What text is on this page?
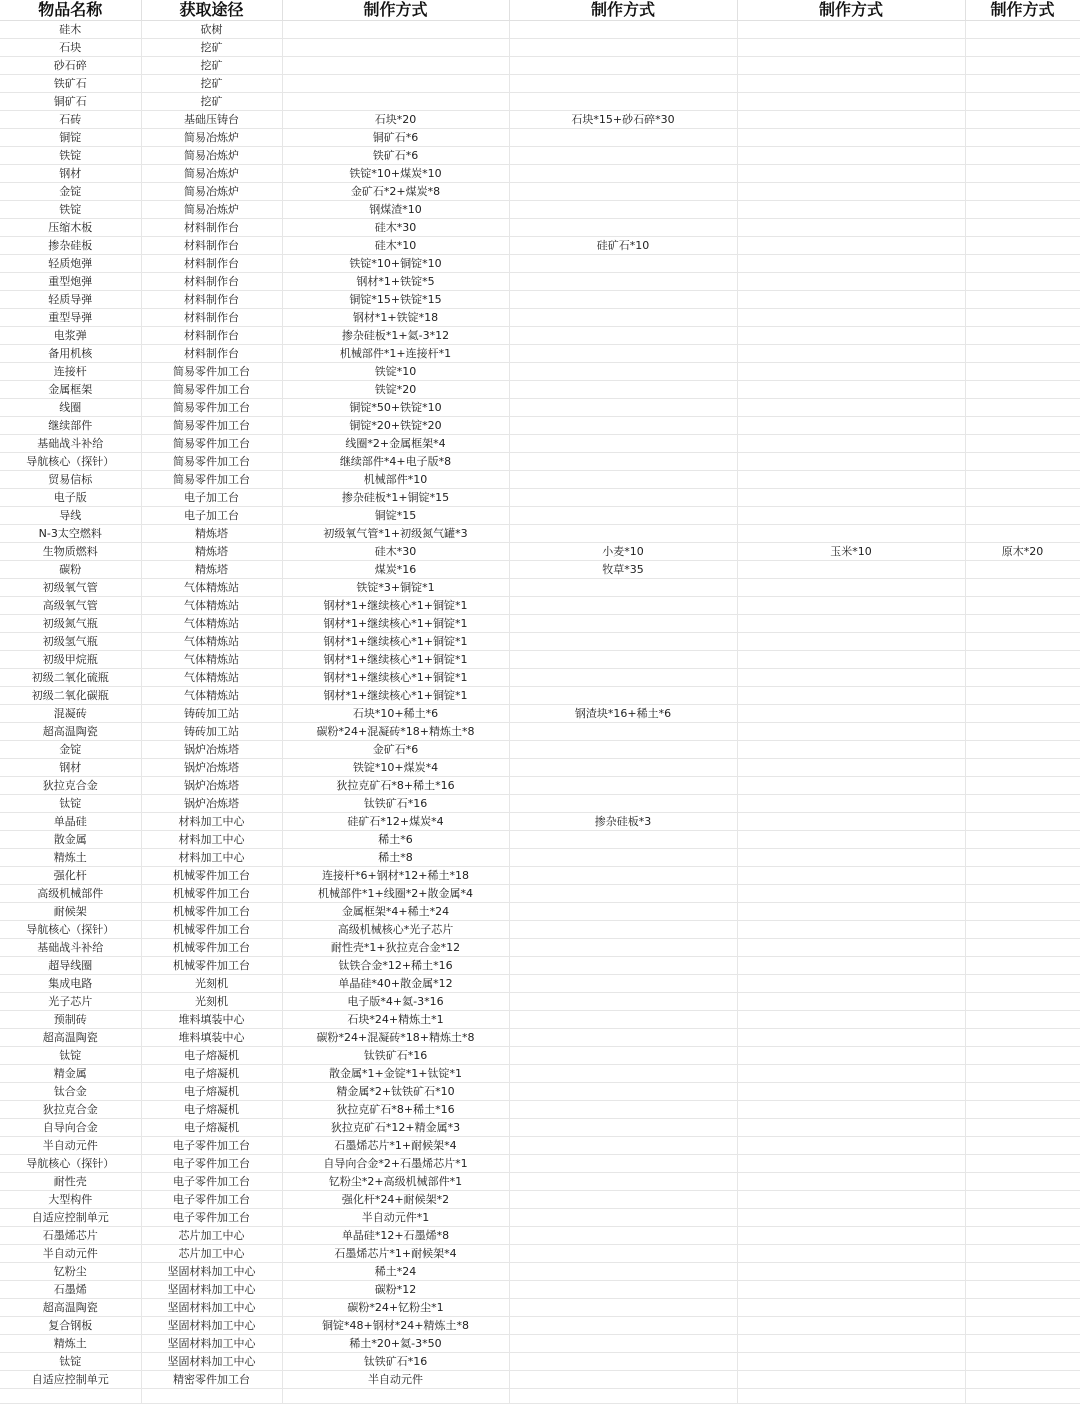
物品名称	获取途径	制作方式	制作方式	制作方式	制作方式
硅木	砍树				
石块	挖矿				
砂石碎	挖矿				
铁矿石	挖矿				
铜矿石	挖矿				
石砖	基础压铸台	石块*20	石块*15+砂石碎*30		
铜锭	简易冶炼炉	铜矿石*6			
铁锭	简易冶炼炉	铁矿石*6			
钢材	简易冶炼炉	铁锭*10+煤炭*10			
金锭	简易冶炼炉	金矿石*2+煤炭*8			
铁锭	简易冶炼炉	钢煤渣*10			
压缩木板	材料制作台	硅木*30			
掺杂硅板	材料制作台	硅木*10	硅矿石*10		
轻质炮弹	材料制作台	铁锭*10+铜锭*10			
重型炮弹	材料制作台	钢材*1+铁锭*5			
轻质导弹	材料制作台	铜锭*15+铁锭*15			
重型导弹	材料制作台	钢材*1+铁锭*18			
电浆弹	材料制作台	掺杂硅板*1+氦-3*12			
备用机核	材料制作台	机械部件*1+连接杆*1			
连接杆	简易零件加工台	铁锭*10			
金属框架	简易零件加工台	铁锭*20			
线圈	简易零件加工台	铜锭*50+铁锭*10			
继续部件	简易零件加工台	铜锭*20+铁锭*20			
基础战斗补给	简易零件加工台	线圈*2+金属框架*4			
导航核心（探针）	简易零件加工台	继续部件*4+电子版*8			
贸易信标	简易零件加工台	机械部件*10			
电子版	电子加工台	掺杂硅板*1+铜锭*15			
导线	电子加工台	铜锭*15			
N-3太空燃料	精炼塔	初级氧气管*1+初级氮气罐*3			
生物质燃料	精炼塔	硅木*30	小麦*10	玉米*10	原木*20
碳粉	精炼塔	煤炭*16	牧草*35		
初级氧气管	气体精炼站	铁锭*3+铜锭*1			
高级氧气管	气体精炼站	钢材*1+继续核心*1+铜锭*1			
初级氮气瓶	气体精炼站	钢材*1+继续核心*1+铜锭*1			
初级氢气瓶	气体精炼站	钢材*1+继续核心*1+铜锭*1			
初级甲烷瓶	气体精炼站	钢材*1+继续核心*1+铜锭*1			
初级二氧化硫瓶	气体精炼站	钢材*1+继续核心*1+铜锭*1			
初级二氧化碳瓶	气体精炼站	钢材*1+继续核心*1+铜锭*1			
混凝砖	铸砖加工站	石块*10+稀土*6	钢渣块*16+稀土*6		
超高温陶瓷	铸砖加工站	碳粉*24+混凝砖*18+精炼土*8			
金锭	锅炉冶炼塔	金矿石*6			
钢材	锅炉冶炼塔	铁锭*10+煤炭*4			
狄拉克合金	锅炉冶炼塔	狄拉克矿石*8+稀土*16			
钛锭	锅炉冶炼塔	钛铁矿石*16			
单晶硅	材料加工中心	硅矿石*12+煤炭*4	掺杂硅板*3		
散金属	材料加工中心	稀土*6			
精炼土	材料加工中心	稀土*8			
强化杆	机械零件加工台	连接杆*6+钢材*12+稀土*18			
高级机械部件	机械零件加工台	机械部件*1+线圈*2+散金属*4			
耐候架	机械零件加工台	金属框架*4+稀土*24			
导航核心（探针）	机械零件加工台	高级机械核心*光子芯片			
基础战斗补给	机械零件加工台	耐性壳*1+狄拉克合金*12			
超导线圈	机械零件加工台	钛铁合金*12+稀土*16			
集成电路	光刻机	单晶硅*40+散金属*12			
光子芯片	光刻机	电子版*4+氦-3*16			
预制砖	堆料填装中心	石块*24+精炼土*1			
超高温陶瓷	堆料填装中心	碳粉*24+混凝砖*18+精炼土*8			
钛锭	电子熔凝机	钛铁矿石*16			
精金属	电子熔凝机	散金属*1+金锭*1+钛锭*1			
钛合金	电子熔凝机	精金属*2+钛铁矿石*10			
狄拉克合金	电子熔凝机	狄拉克矿石*8+稀土*16			
自导向合金	电子熔凝机	狄拉克矿石*12+精金属*3			
半自动元件	电子零件加工台	石墨烯芯片*1+耐候架*4			
导航核心（探针）	电子零件加工台	自导向合金*2+石墨烯芯片*1			
耐性壳	电子零件加工台	钇粉尘*2+高级机械部件*1			
大型构件	电子零件加工台	强化杆*24+耐候架*2			
自适应控制单元	电子零件加工台	半自动元件*1			
石墨烯芯片	芯片加工中心	单晶硅*12+石墨烯*8			
半自动元件	芯片加工中心	石墨烯芯片*1+耐候架*4			
钇粉尘	坚固材料加工中心	稀土*24			
石墨烯	坚固材料加工中心	碳粉*12			
超高温陶瓷	坚固材料加工中心	碳粉*24+钇粉尘*1			
复合钢板	坚固材料加工中心	铜锭*48+钢材*24+精炼土*8			
精炼土	坚固材料加工中心	稀土*20+氦-3*50			
钛锭	坚固材料加工中心	钛铁矿石*16			
自适应控制单元	精密零件加工台	半自动元件			
